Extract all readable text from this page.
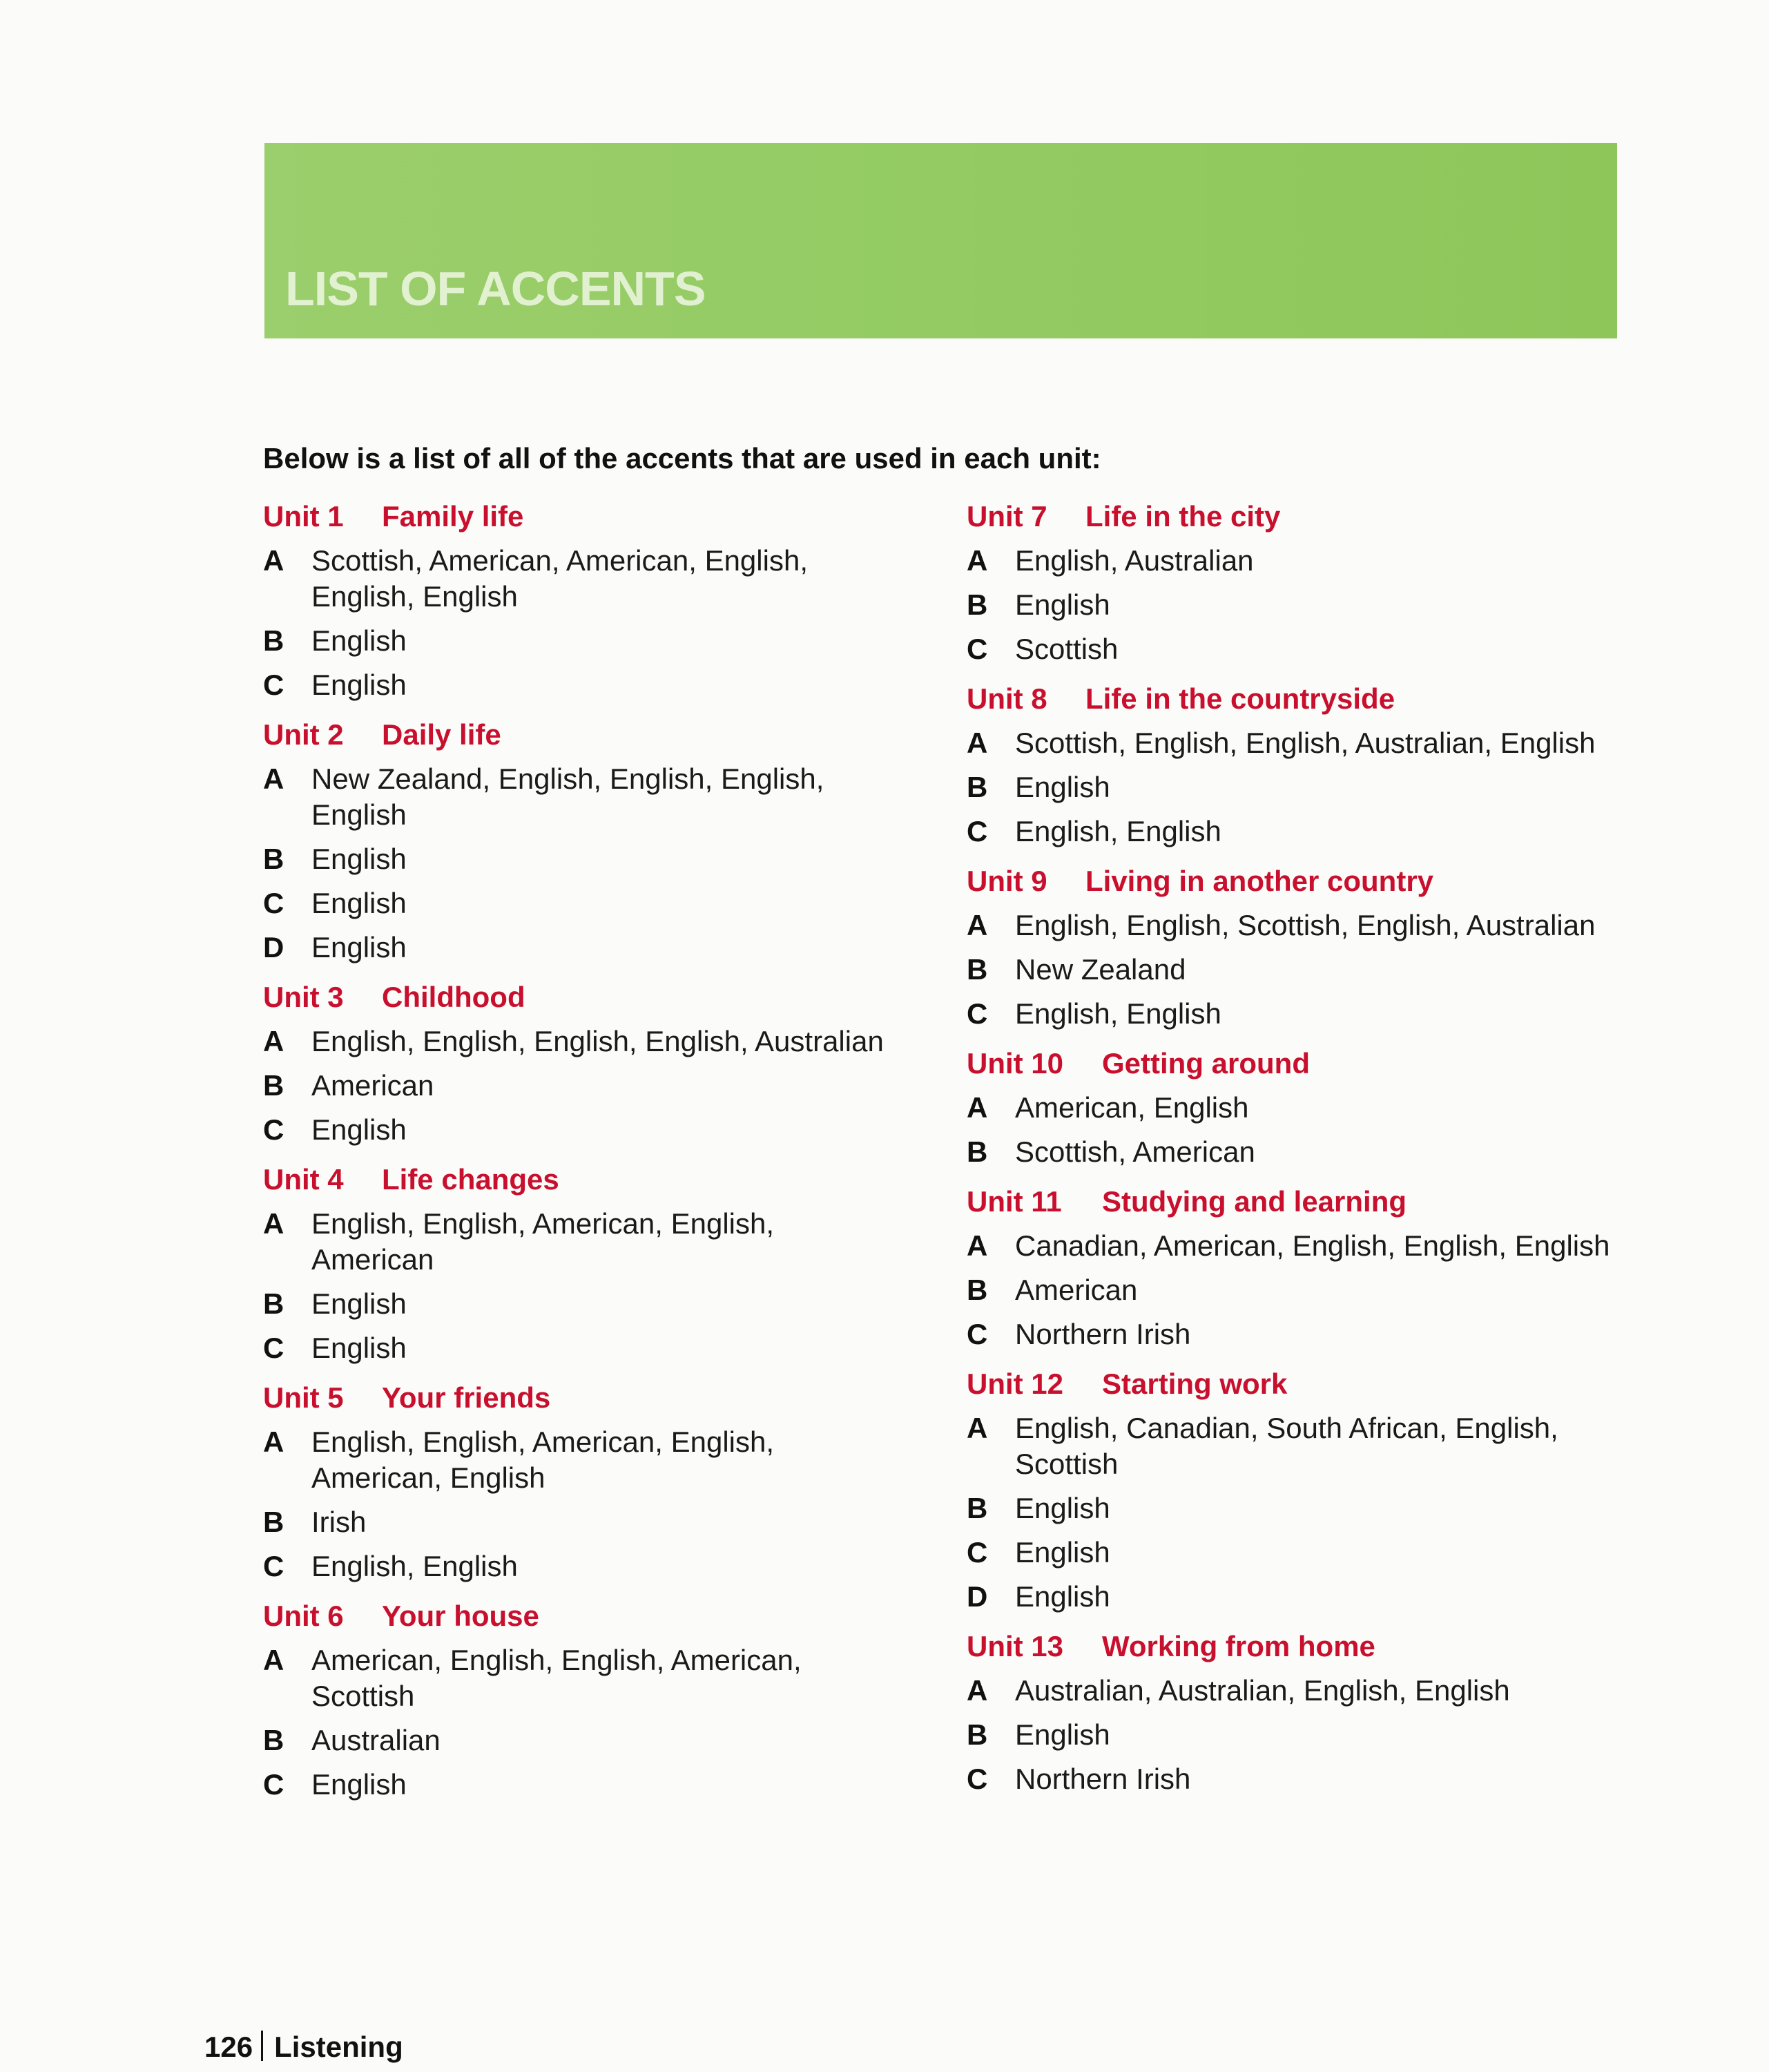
LIST OF ACCENTS
Below is a list of all of the accents that are used in each unit:
Unit 1 Family life
A Scottish, American, American, English, English, English
B English
C English
Unit 2 Daily life
A New Zealand, English, English, English, English
B English
C English
D English
Unit 3 Childhood
A English, English, English, English, Australian
B American
C English
Unit 4 Life changes
A English, English, American, English, American
B English
C English
Unit 5 Your friends
A English, English, American, English, American, English
B Irish
C English, English
Unit 6 Your house
A American, English, English, American, Scottish
B Australian
C English
Unit 7 Life in the city
A English, Australian
B English
C Scottish
Unit 8 Life in the countryside
A Scottish, English, English, Australian, English
B English
C English, English
Unit 9 Living in another country
A English, English, Scottish, English, Australian
B New Zealand
C English, English
Unit 10 Getting around
A American, English
B Scottish, American
Unit 11 Studying and learning
A Canadian, American, English, English, English
B American
C Northern Irish
Unit 12 Starting work
A English, Canadian, South African, English, Scottish
B English
C English
D English
Unit 13 Working from home
A Australian, Australian, English, English
B English
C Northern Irish
126 Listening
